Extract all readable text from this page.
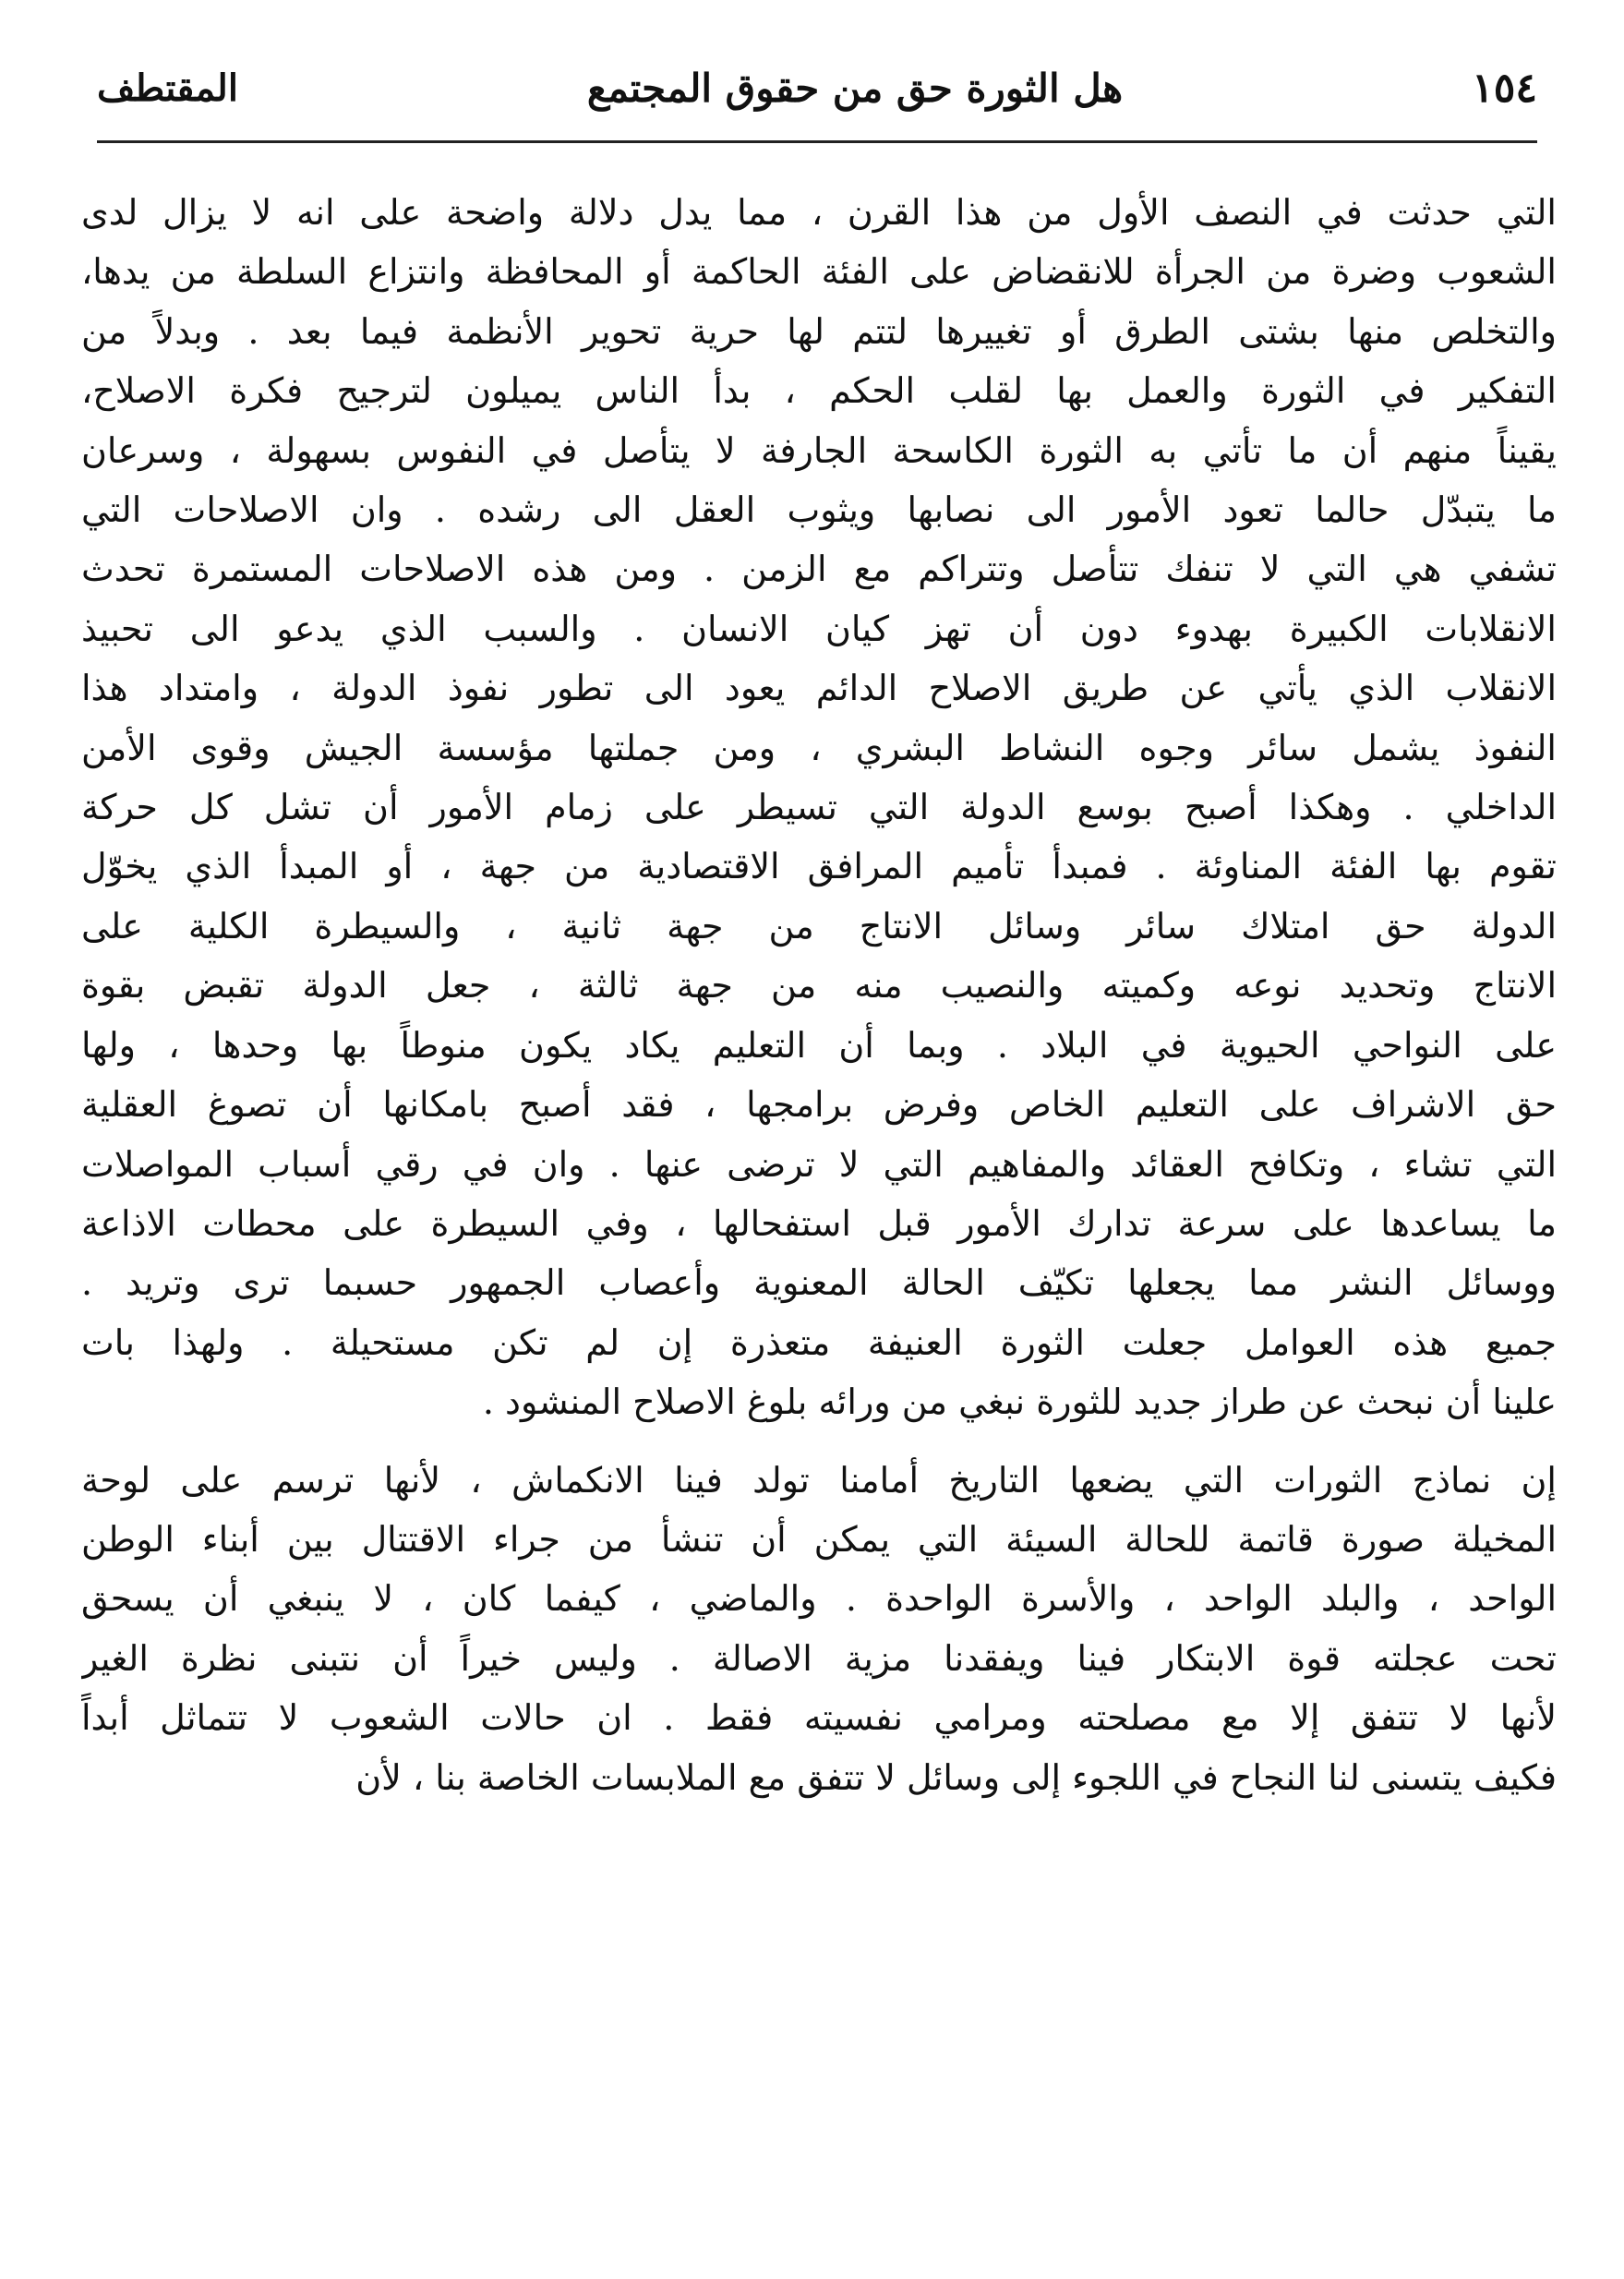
١٥٤
هل الثورة حق من حقوق المجتمع
المقتطف
التي حدثت في النصف الأول من هذا القرن ، مما يدل دلالة واضحة على انه لا يزال لدى
الشعوب وضرة من الجرأة للانقضاض على الفئة الحاكمة أو المحافظة وانتزاع السلطة من يدها،
والتخلص منها بشتى الطرق أو تغييرها لتتم لها حرية تحوير الأنظمة فيما بعد . وبدلاً من
التفكير في الثورة والعمل بها لقلب الحكم ، بدأ الناس يميلون لترجيح فكرة الاصلاح،
يقيناً منهم أن ما تأتي به الثورة الكاسحة الجارفة لا يتأصل في النفوس بسهولة ، وسرعان
ما يتبدّل حالما تعود الأمور الى نصابها ويثوب العقل الى رشده . وان الاصلاحات التي
تشفي هي التي لا تنفك تتأصل وتتراكم مع الزمن . ومن هذه الاصلاحات المستمرة تحدث
الانقلابات الكبيرة بهدوء دون أن تهز كيان الانسان . والسبب الذي يدعو الى تحبيذ
الانقلاب الذي يأتي عن طريق الاصلاح الدائم يعود الى تطور نفوذ الدولة ، وامتداد هذا
النفوذ يشمل سائر وجوه النشاط البشري ، ومن جملتها مؤسسة الجيش وقوى الأمن
الداخلي . وهكذا أصبح بوسع الدولة التي تسيطر على زمام الأمور أن تشل كل حركة
تقوم بها الفئة المناوئة . فمبدأ تأميم المرافق الاقتصادية من جهة ، أو المبدأ الذي يخوّل
الدولة حق امتلاك سائر وسائل الانتاج من جهة ثانية ، والسيطرة الكلية على
الانتاج وتحديد نوعه وكميته والنصيب منه من جهة ثالثة ، جعل الدولة تقبض بقوة
على النواحي الحيوية في البلاد . وبما أن التعليم يكاد يكون منوطاً بها وحدها ، ولها
حق الاشراف على التعليم الخاص وفرض برامجها ، فقد أصبح بامكانها أن تصوغ العقلية
التي تشاء ، وتكافح العقائد والمفاهيم التي لا ترضى عنها . وان في رقي أسباب المواصلات
ما يساعدها على سرعة تدارك الأمور قبل استفحالها ، وفي السيطرة على محطات الاذاعة
ووسائل النشر مما يجعلها تكيّف الحالة المعنوية وأعصاب الجمهور حسبما ترى وتريد .
جميع هذه العوامل جعلت الثورة العنيفة متعذرة إن لم تكن مستحيلة . ولهذا بات
علينا أن نبحث عن طراز جديد للثورة نبغي من ورائه بلوغ الاصلاح المنشود .
إن نماذج الثورات التي يضعها التاريخ أمامنا تولد فينا الانكماش ، لأنها ترسم على لوحة
المخيلة صورة قاتمة للحالة السيئة التي يمكن أن تنشأ من جراء الاقتتال بين أبناء الوطن
الواحد ، والبلد الواحد ، والأسرة الواحدة . والماضي ، كيفما كان ، لا ينبغي أن يسحق
تحت عجلته قوة الابتكار فينا ويفقدنا مزية الاصالة . وليس خيراً أن نتبنى نظرة الغير
لأنها لا تتفق إلا مع مصلحته ومرامي نفسيته فقط . ان حالات الشعوب لا تتماثل أبداً
فكيف يتسنى لنا النجاح في اللجوء إلى وسائل لا تتفق مع الملابسات الخاصة بنا ، لأن
